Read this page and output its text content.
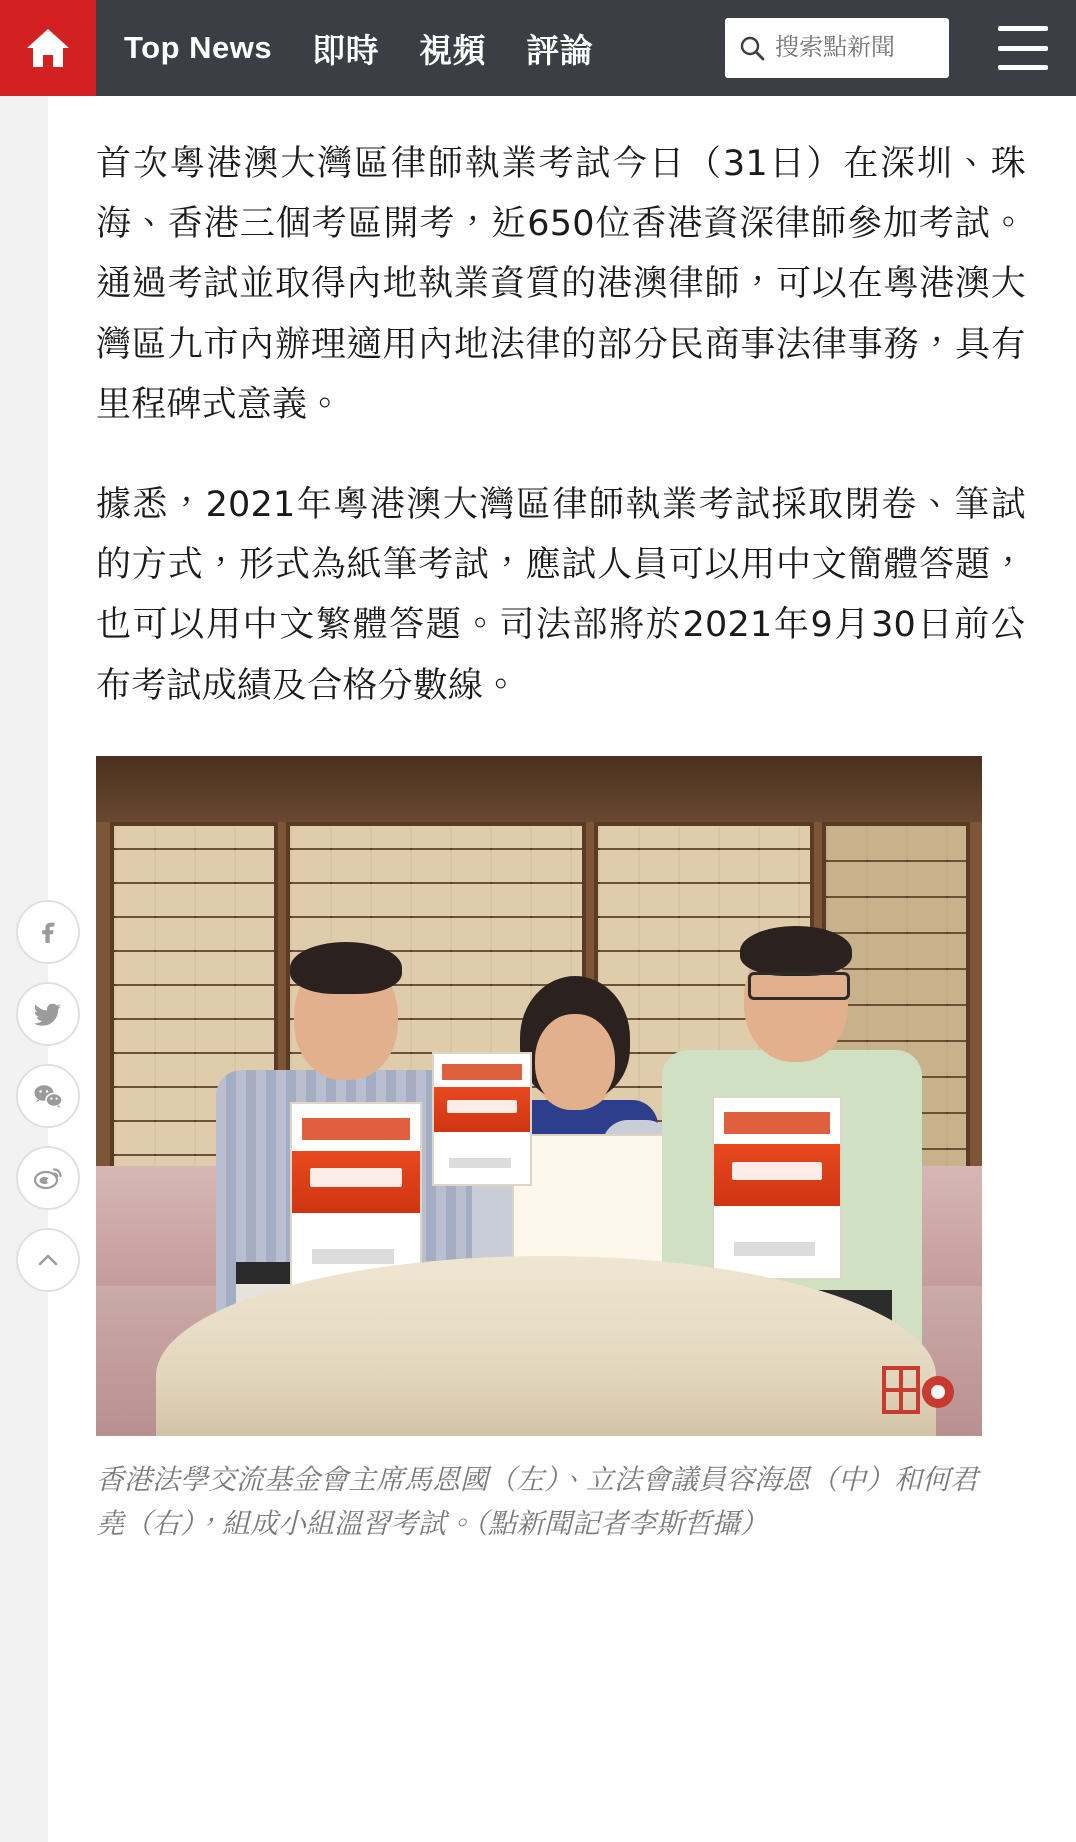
Top News 即時 視頻 評論
搜索點新聞

首次粵港澳大灣區律師執業考試今日（31日）在深圳、珠海、香港三個考區開考，近650位香港資深律師參加考試。通過考試並取得內地執業資質的港澳律師，可以在粵港澳大灣區九市內辦理適用內地法律的部分民商事法律事務，具有里程碑式意義。

據悉，2021年粵港澳大灣區律師執業考試採取閉卷、筆試的方式，形式為紙筆考試，應試人員可以用中文簡體答題，也可以用中文繁體答題。司法部將於2021年9月30日前公布考試成績及合格分數線。

香港法學交流基金會主席馬恩國（左）、立法會議員容海恩（中）和何君堯（右），組成小組溫習考試。（點新聞記者李斯哲攝）
